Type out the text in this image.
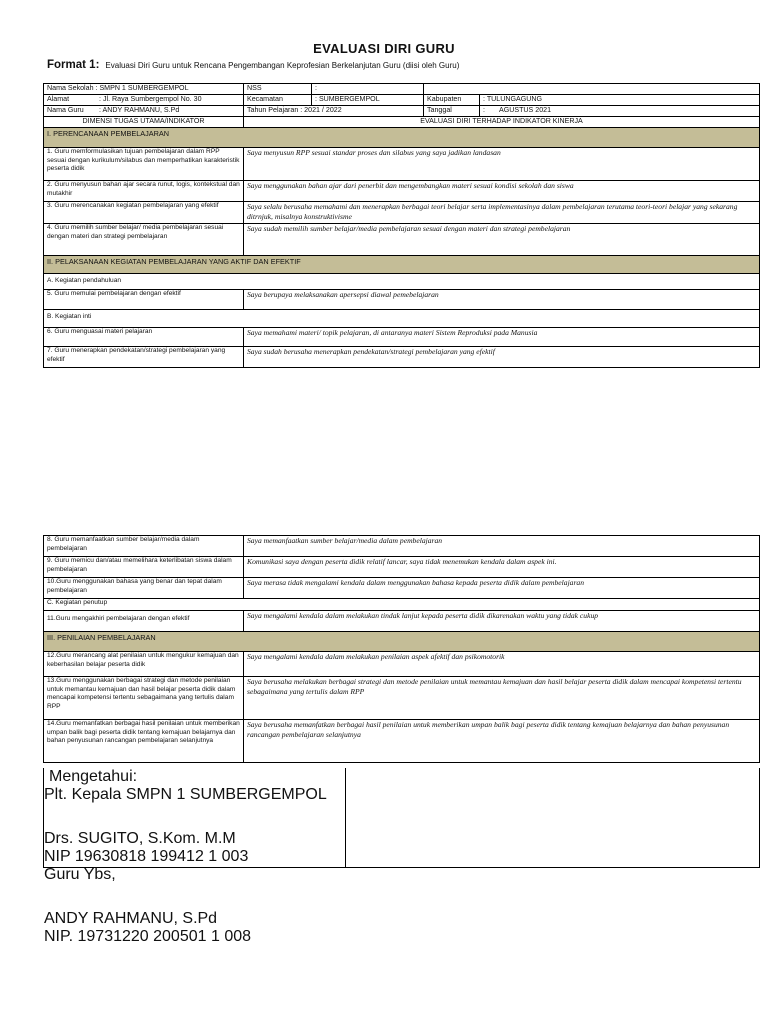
EVALUASI DIRI GURU
Format 1: Evaluasi Diri Guru untuk Rencana Pengembangan Keprofesian Berkelanjutan Guru (diisi oleh Guru)
Nama Sekolah : SMPN 1 SUMBERGEMPOL	NSS	:		
Alamat : Jl. Raya Sumbergempol No. 30	Kecamatan	: SUMBERGEMPOL	Kabupaten	: TULUNGAGUNG
Nama Guru : ANDY RAHMANU, S.Pd	Tahun Pelajaran : 2021 / 2022		Tanggal	: AGUSTUS 2021
DIMENSI TUGAS UTAMA/INDIKATOR	EVALUASI DIRI TERHADAP INDIKATOR KINERJA			
I. PERENCANAAN PEMBELAJARAN				
1. Guru memformulasikan tujuan pembelajaran dalam RPP sesuai dengan kurikulum/silabus dan memperhatikan karakteristik peserta didik	Saya menyusun RPP sesuai standar proses dan silabus yang saya jadikan landasan			
2. Guru menyusun bahan ajar secara runut, logis, kontekstual dan mutakhir	Saya menggunakan bahan ajar dari penerbit dan mengembangkan materi sesuai kondisi sekolah dan siswa			
3. Guru merencanakan kegiatan pembelajaran yang efektif	Saya selalu berusaha memahami dan menerapkan berbagai teori belajar serta implementasinya dalam pembelajaran terutama teori-teori belajar yang sekarang ditrnjuk, misalnya konstruktivisme			
4. Guru memilih sumber belajar/ media pembelajaran sesuai dengan materi dan strategi pembelajaran	Saya sudah memilih sumber belajar/media pembelajaran sesuai dengan materi dan strategi pembelajaran			
II. PELAKSANAAN KEGIATAN PEMBELAJARAN YANG AKTIF DAN EFEKTIF				
A. Kegiatan pendahuluan				
5. Guru memulai pembelajaran dengan efektif	Saya berupaya melaksanakan apersepsi diawal pemebelajaran			
B. Kegiatan inti				
6. Guru menguasai materi pelajaran	Saya memahami materi/ topik pelajaran, di antaranya materi Sistem Reproduksi pada Manusia			
7. Guru menerapkan pendekatan/strategi pembelajaran yang efektif	Saya sudah berusaha menerapkan pendekatan/strategi pembelajaran yang efektif			
8. Guru memanfaatkan sumber belajar/media dalam pembelajaran	Saya memanfaatkan sumber belajar/media dalam pembelajaran
9. Guru memicu dan/atau memelihara keterlibatan siswa dalam pembelajaran	Komunikasi saya dengan peserta didik relatif lancar, saya tidak menemukan kendala dalam aspek ini.
10.Guru menggunakan bahasa yang benar dan tepat dalam pembelajaran	Saya merasa tidak mengalami kendala dalam menggunakan bahasa kepada peserta didik dalam pembelajaran
C. Kegiatan penutup	
11.Guru mengakhiri pembelajaran dengan efektif	Saya mengalami kendala dalam melakukan tindak lanjut kepada peserta didik dikarenakan waktu yang tidak cukup
III. PENILAIAN PEMBELAJARAN	
12.Guru merancang alat penilaian untuk mengukur kemajuan dan keberhasilan belajar peserta didik	Saya mengalami kendala dalam melakukan penilaian aspek afektif dan psikomotorik
13.Guru menggunakan berbagai strategi dan metode penilaian untuk memantau kemajuan dan hasil belajar peserta didik dalam mencapai kompetensi tertentu sebagaimana yang tertulis dalam RPP	Saya berusaha melakukan berbagai strategi dan metode penilaian untuk memantau kemajuan dan hasil belajar peserta didik dalam mencapai kompetensi tertentu sebagaimana yang tertulis dalam RPP
14.Guru memanfatkan berbagai hasil penilaian untuk memberikan umpan balik bagi peserta didik tentang kemajuan belajarnya dan bahan penyusunan rancangan pembelajaran selanjutnya	Saya berusaha memanfatkan berbagai hasil penilaian untuk memberikan umpan balik bagi peserta didik tentang kemajuan belajarnya dan bahan penyusunan rancangan pembelajaran selanjutnya
Mengetahui:
Plt. Kepala SMPN 1 SUMBERGEMPOL
Drs. SUGITO, S.Kom. M.M
NIP 19630818 199412 1 003
Guru Ybs,
ANDY RAHMANU, S.Pd
NIP. 19731220 200501 1 008
